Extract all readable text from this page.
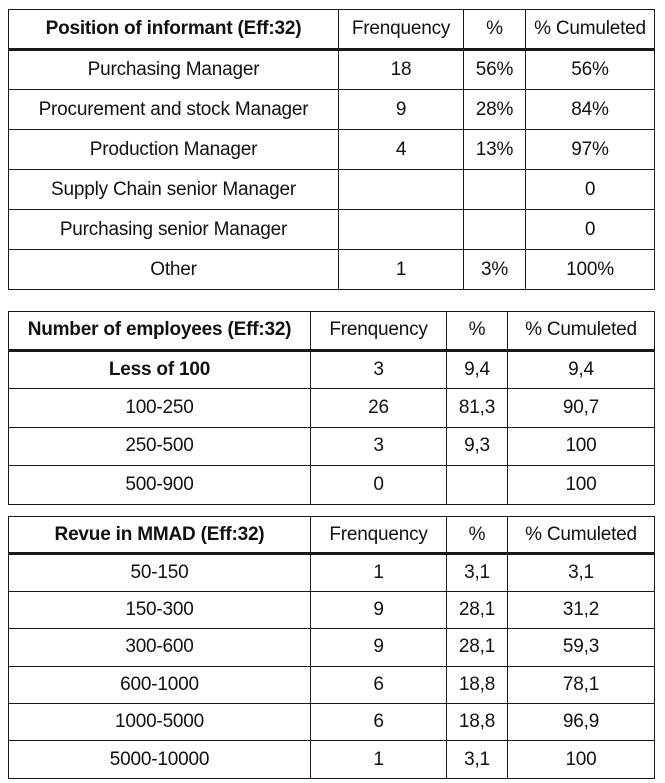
Position of informant (Eff:32)	Frenquency	%	% Cumuleted
Purchasing Manager	18	56%	56%
Procurement and stock Manager	9	28%	84%
Production Manager	4	13%	97%
Supply Chain senior Manager			0
Purchasing senior Manager			0
Other	1	3%	100%
Number of employees (Eff:32)	Frenquency	%	% Cumuleted
Less of 100	3	9,4	9,4
100-250	26	81,3	90,7
250-500	3	9,3	100
500-900	0		100
Revue in MMAD (Eff:32)	Frenquency	%	% Cumuleted
50-150	1	3,1	3,1
150-300	9	28,1	31,2
300-600	9	28,1	59,3
600-1000	6	18,8	78,1
1000-5000	6	18,8	96,9
5000-10000	1	3,1	100
